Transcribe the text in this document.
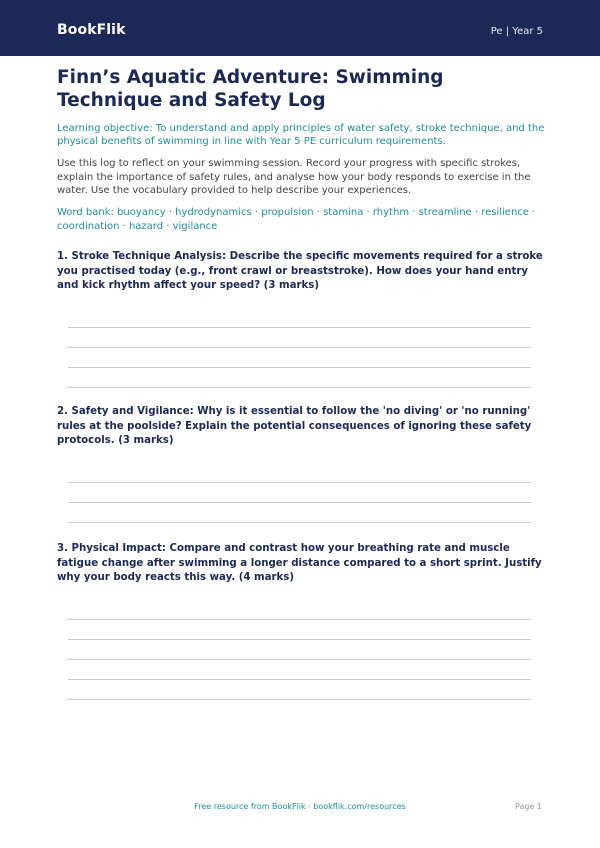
BookFlik	Pe | Year 5
Finn’s Aquatic Adventure: Swimming Technique and Safety Log

Learning objective: To understand and apply principles of water safety, stroke technique, and the physical benefits of swimming in line with Year 5 PE curriculum requirements.

Use this log to reflect on your swimming session. Record your progress with specific strokes, explain the importance of safety rules, and analyse how your body responds to exercise in the water. Use the vocabulary provided to help describe your experiences.

Word bank: buoyancy · hydrodynamics · propulsion · stamina · rhythm · streamline · resilience · coordination · hazard · vigilance

1. Stroke Technique Analysis: Describe the specific movements required for a stroke you practised today (e.g., front crawl or breaststroke). How does your hand entry and kick rhythm affect your speed? (3 marks)

2. Safety and Vigilance: Why is it essential to follow the 'no diving' or 'no running' rules at the poolside? Explain the potential consequences of ignoring these safety protocols. (3 marks)

3. Physical Impact: Compare and contrast how your breathing rate and muscle fatigue change after swimming a longer distance compared to a short sprint. Justify why your body reacts this way. (4 marks)

Free resource from BookFlik · bookflik.com/resources	Page 1
